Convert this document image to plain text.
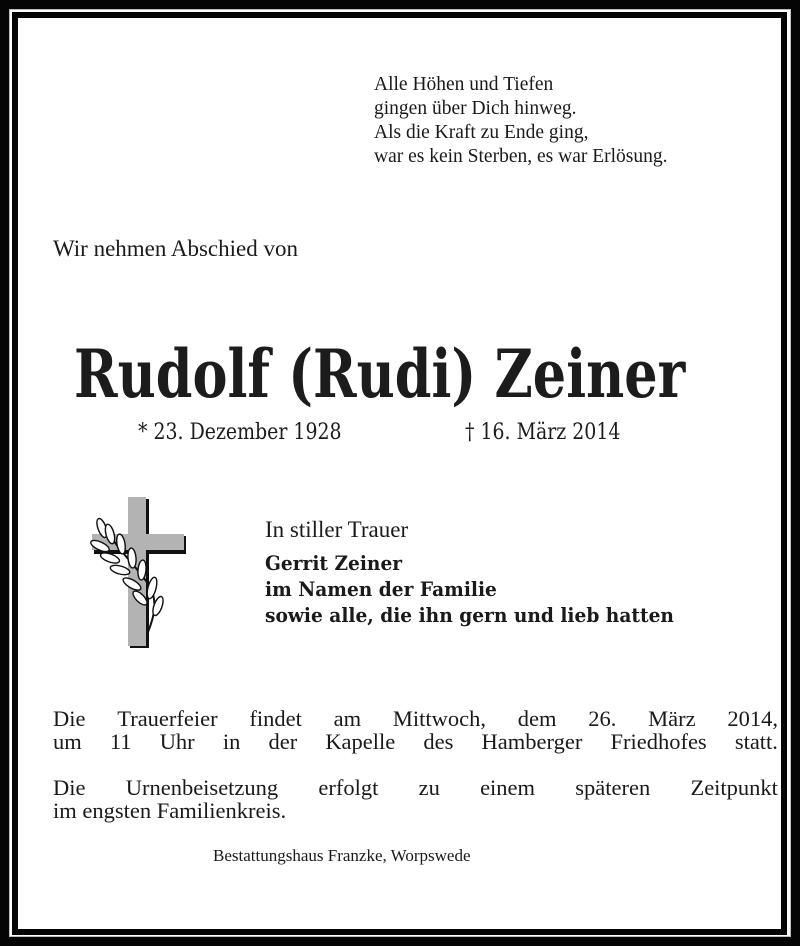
Alle Höhen und Tiefen
gingen über Dich hinweg.
Als die Kraft zu Ende ging,
war es kein Sterben, es war Erlösung.
Wir nehmen Abschied von
Rudolf (Rudi) Zeiner
* 23. Dezember 1928	† 16. März 2014
In stiller Trauer
Gerrit Zeiner
im Namen der Familie
sowie alle, die ihn gern und lieb hatten
Die Trauerfeier findet am Mittwoch, dem 26. März 2014,
um 11 Uhr in der Kapelle des Hamberger Friedhofes statt.
Die Urnenbeisetzung erfolgt zu einem späteren Zeitpunkt
im engsten Familienkreis.
Bestattungshaus Franzke, Worpswede
